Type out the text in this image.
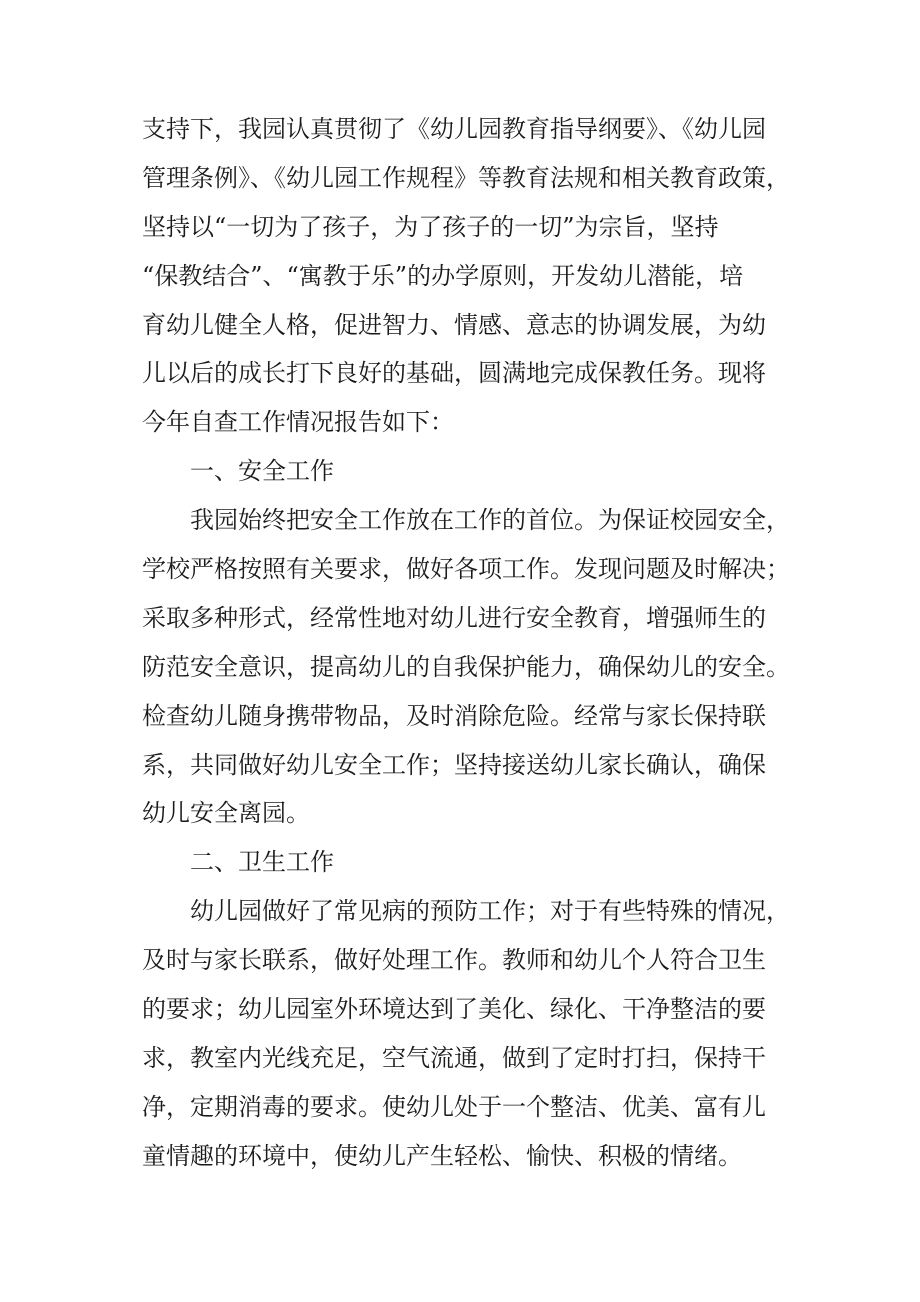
支持下，我园认真贯彻了《幼儿园教育指导纲要》、《幼儿园
管理条例》、《幼儿园工作规程》等教育法规和相关教育政策，
坚持以“一切为了孩子，为了孩子的一切”为宗旨，坚持
“保教结合”、“寓教于乐”的办学原则，开发幼儿潜能，培
育幼儿健全人格，促进智力、情感、意志的协调发展，为幼
儿以后的成长打下良好的基础，圆满地完成保教任务。现将
今年自查工作情况报告如下：
一、安全工作
我园始终把安全工作放在工作的首位。为保证校园安全，
学校严格按照有关要求，做好各项工作。发现问题及时解决；
采取多种形式，经常性地对幼儿进行安全教育，增强师生的
防范安全意识，提高幼儿的自我保护能力，确保幼儿的安全。
检查幼儿随身携带物品，及时消除危险。经常与家长保持联
系，共同做好幼儿安全工作；坚持接送幼儿家长确认，确保
幼儿安全离园。
二、卫生工作
幼儿园做好了常见病的预防工作；对于有些特殊的情况，
及时与家长联系，做好处理工作。教师和幼儿个人符合卫生
的要求；幼儿园室外环境达到了美化、绿化、干净整洁的要
求，教室内光线充足，空气流通，做到了定时打扫，保持干
净，定期消毒的要求。使幼儿处于一个整洁、优美、富有儿
童情趣的环境中，使幼儿产生轻松、愉快、积极的情绪。
